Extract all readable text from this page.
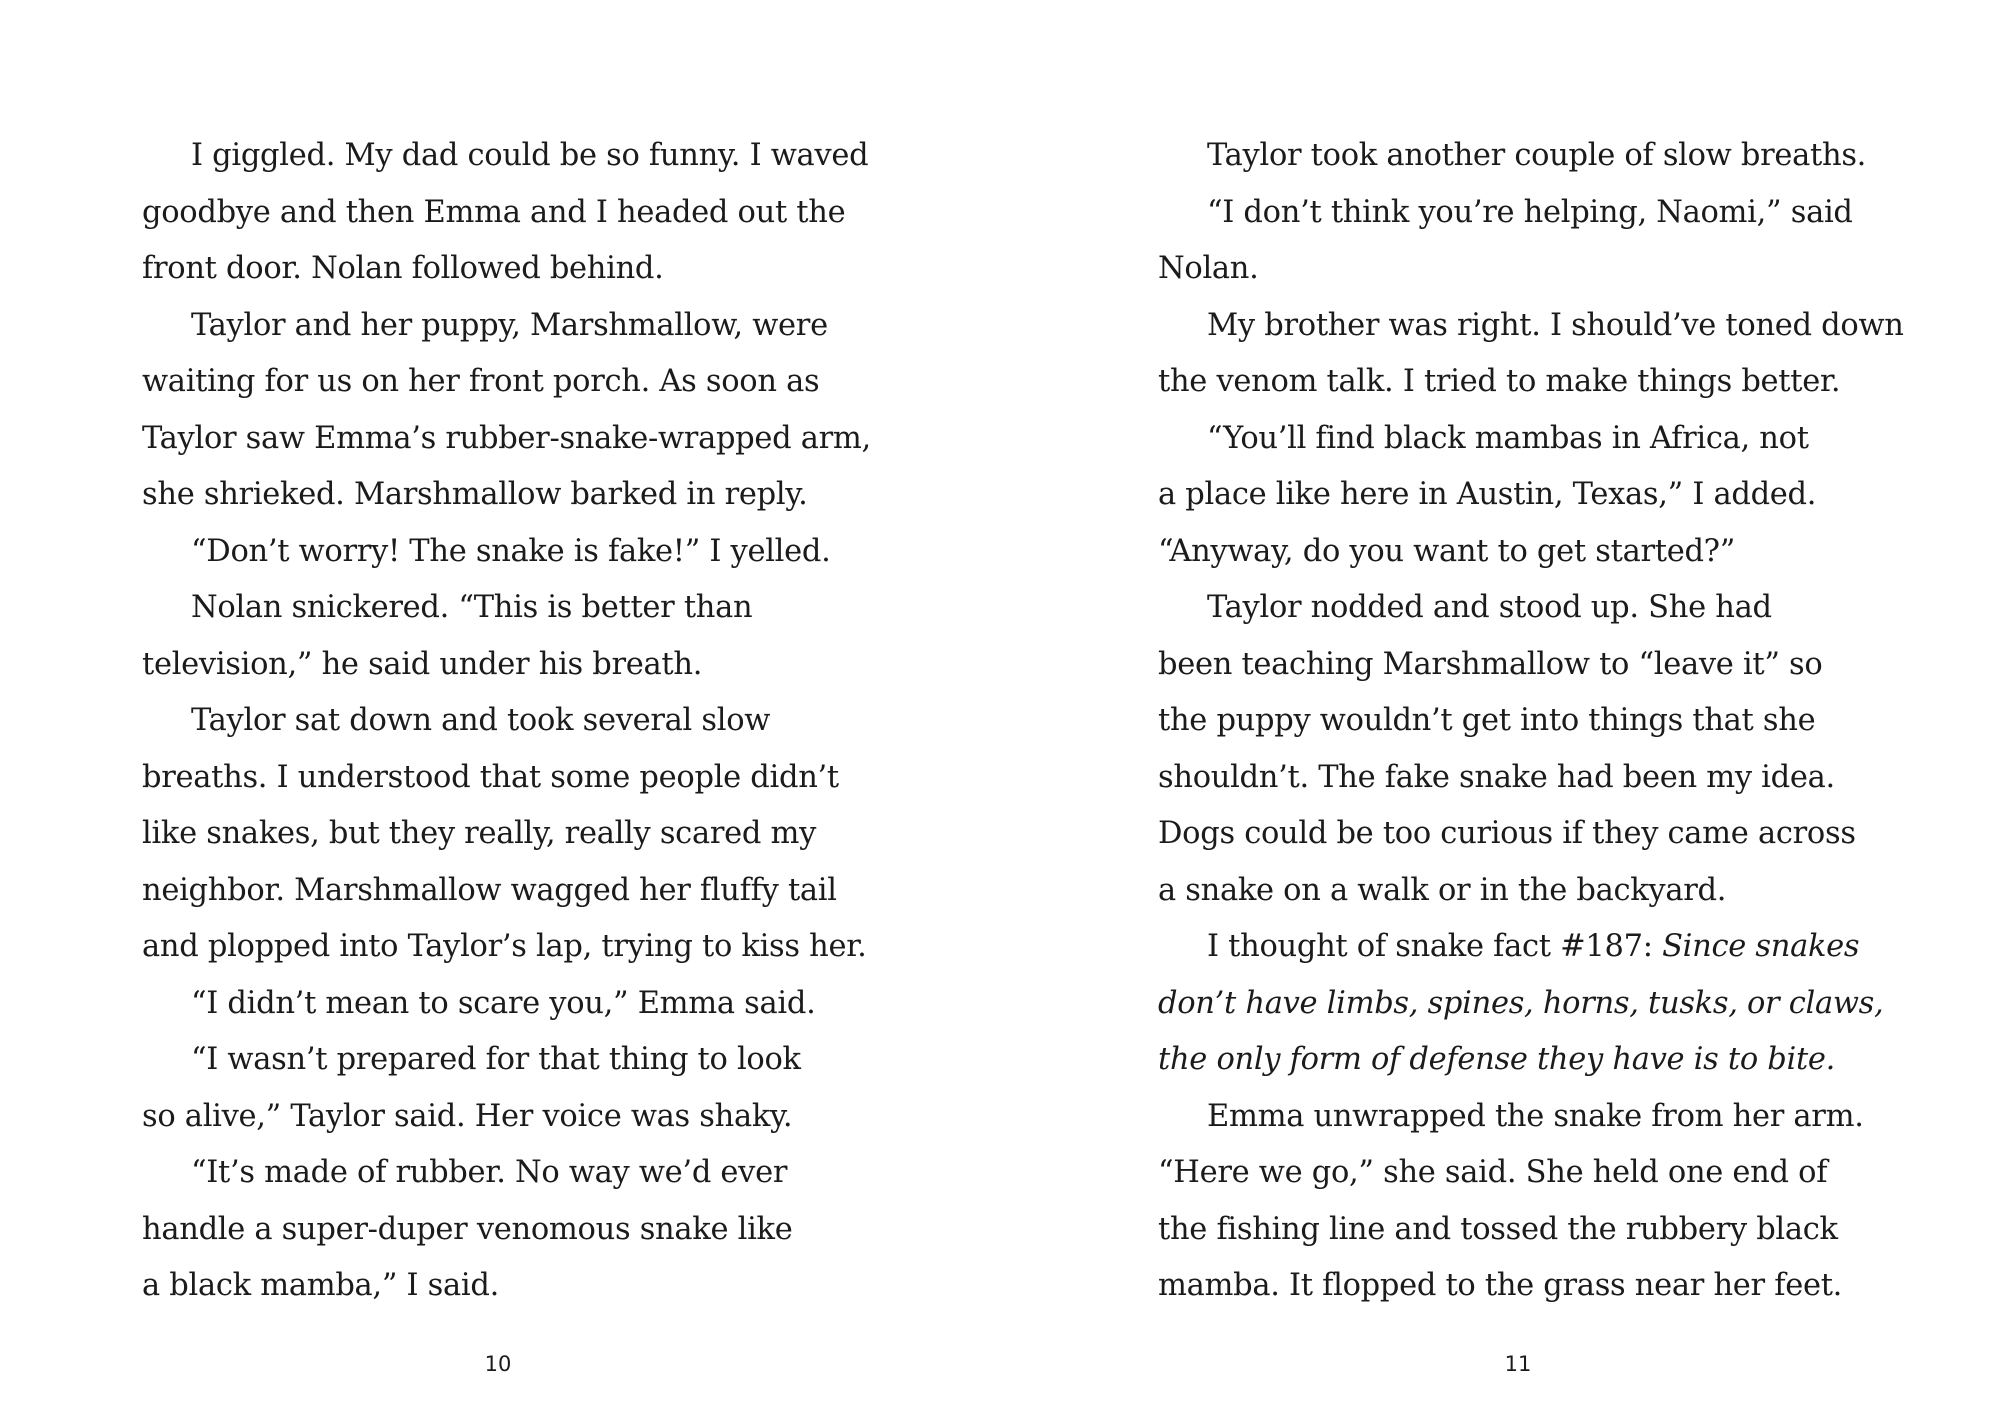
I giggled. My dad could be so funny. I waved
goodbye and then Emma and I headed out the
front door. Nolan followed behind.
Taylor and her puppy, Marshmallow, were
waiting for us on her front porch. As soon as
Taylor saw Emma’s rubber-snake-wrapped arm,
she shrieked. Marshmallow barked in reply.
“Don’t worry! The snake is fake!” I yelled.
Nolan snickered. “This is better than
television,” he said under his breath.
Taylor sat down and took several slow
breaths. I understood that some people didn’t
like snakes, but they really, really scared my
neighbor. Marshmallow wagged her fluffy tail
and plopped into Taylor’s lap, trying to kiss her.
“I didn’t mean to scare you,” Emma said.
“I wasn’t prepared for that thing to look
so alive,” Taylor said. Her voice was shaky.
“It’s made of rubber. No way we’d ever
handle a super-duper venomous snake like
a black mamba,” I said.
10
Taylor took another couple of slow breaths.
“I don’t think you’re helping, Naomi,” said
Nolan.
My brother was right. I should’ve toned down
the venom talk. I tried to make things better.
“You’ll find black mambas in Africa, not
a place like here in Austin, Texas,” I added.
“Anyway, do you want to get started?”
Taylor nodded and stood up. She had
been teaching Marshmallow to “leave it” so
the puppy wouldn’t get into things that she
shouldn’t. The fake snake had been my idea.
Dogs could be too curious if they came across
a snake on a walk or in the backyard.
I thought of snake fact #187: Since snakes
don’t have limbs, spines, horns, tusks, or claws,
the only form of defense they have is to bite.
Emma unwrapped the snake from her arm.
“Here we go,” she said. She held one end of
the fishing line and tossed the rubbery black
mamba. It flopped to the grass near her feet.
11
